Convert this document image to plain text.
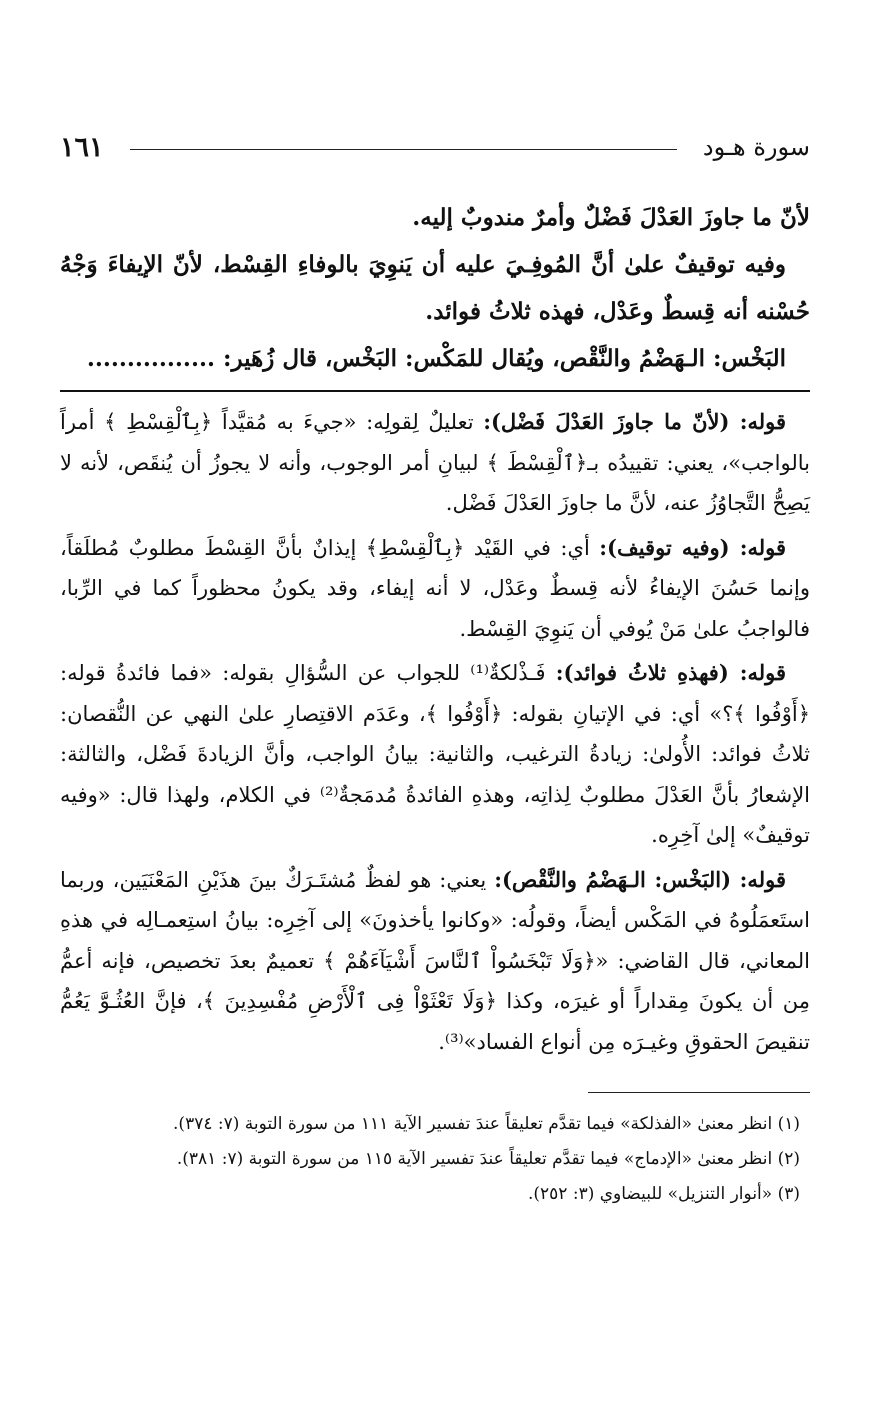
سورة هـود
١٦١

لأنّ ما جاوزَ العَدْلَ فَضْلٌ وأمرٌ مندوبٌ إليه.

وفيه توقيفٌ علىٰ أنَّ المُوفِـيَ عليه أن يَنوِيَ بالوفاءِ القِسْط، لأنّ الإيفاءَ وَجْهُ حُسْنه أنه قِسطٌ وعَدْل، فهذه ثلاثُ فوائد.

البَخْس: الـهَضْمُ والنَّقْص، ويُقال للمَكْس: البَخْس، قال زُهَير: ................

قوله: (لأنّ ما جاوزَ العَدْلَ فَضْل): تعليلٌ لِقولِه: «جيءَ به مُقيَّداً ﴿بِٱلْقِسْطِ ﴾ أمراً بالواجب»، يعني: تقييدُه بـ﴿ٱلْقِسْطَ ﴾ لبيانِ أمر الوجوب، وأنه لا يجوزُ أن يُنقَص، لأنه لا يَصِحُّ التَّجاوُزُ عنه، لأنَّ ما جاوزَ العَدْلَ فَضْل.

قوله: (وفيه توقيف): أي: في القَيْد ﴿بِٱلْقِسْطِ﴾ إيذانٌ بأنَّ القِسْطَ مطلوبٌ مُطلَقاً، وإنما حَسُنَ الإيفاءُ لأنه قِسطٌ وعَدْل، لا أنه إيفاء، وقد يكونُ محظوراً كما في الرِّبا، فالواجبُ علىٰ مَنْ يُوفي أن يَنوِيَ القِسْط.

قوله: (فهذهِ ثلاثُ فوائد): فَـذْلكةٌ⁽¹⁾ للجواب عن السُّؤالِ بقوله: «فما فائدةُ قوله: ﴿أَوْفُوا ﴾؟» أي: في الإتيانِ بقوله: ﴿أَوْفُوا ﴾، وعَدَم الاقتِصارِ علىٰ النهي عن النُّقصان: ثلاثُ فوائد: الأُولىٰ: زيادةُ الترغيب، والثانية: بيانُ الواجب، وأنَّ الزيادةَ فَضْل، والثالثة: الإشعارُ بأنَّ العَدْلَ مطلوبٌ لِذاتِه، وهذهِ الفائدةُ مُدمَجةٌ⁽²⁾ في الكلام، ولهذا قال: «وفيه توقيفٌ» إلىٰ آخِرِه.

قوله: (البَخْس: الـهَضْمُ والنَّقْص): يعني: هو لفظٌ مُشتَـرَكٌ بينَ هذَيْنِ المَعْنَيَين، وربما استَعمَلُوهُ في المَكْس أيضاً، وقولُه: «وكانوا يأخذونَ» إلى آخِرِه: بيانُ استِعمـالِه في هذهِ المعاني، قال القاضي: «﴿وَلَا تَبْخَسُواْ ٱلنَّاسَ أَشْيَآءَهُمْ ﴾ تعميمٌ بعدَ تخصيص، فإنه أعمُّ مِن أن يكونَ مِقداراً أو غيرَه، وكذا ﴿وَلَا تَعْثَوْاْ فِى ٱلْأَرْضِ مُفْسِدِينَ ﴾، فإنَّ العُثُـوَّ يَعُمُّ تنقيصَ الحقوقِ وغيـرَه مِن أنواع الفساد»⁽³⁾.

(١) انظر معنىٰ «الفذلكة» فيما تقدَّم تعليقاً عندَ تفسير الآية ١١١ من سورة التوبة (٧: ٣٧٤).

(٢) انظر معنىٰ «الإدماج» فيما تقدَّم تعليقاً عندَ تفسير الآية ١١٥ من سورة التوبة (٧: ٣٨١).

(٣) «أنوار التنزيل» للبيضاوي (٣: ٢٥٢).
